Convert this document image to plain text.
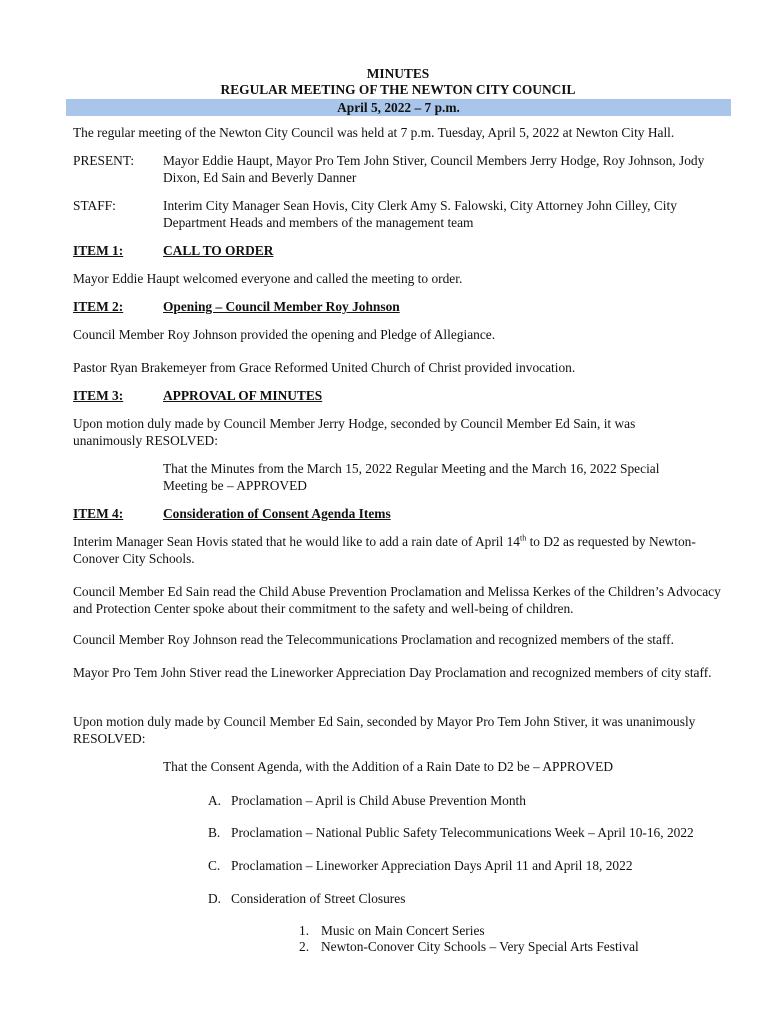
MINUTES
REGULAR MEETING OF THE NEWTON CITY COUNCIL
April 5, 2022 – 7 p.m.
The regular meeting of the Newton City Council was held at 7 p.m. Tuesday, April 5, 2022 at Newton City Hall.
PRESENT: Mayor Eddie Haupt, Mayor Pro Tem John Stiver, Council Members Jerry Hodge, Roy Johnson, Jody Dixon, Ed Sain and Beverly Danner
STAFF:	Interim City Manager Sean Hovis, City Clerk Amy S. Falowski, City Attorney John Cilley, City Department Heads and members of the management team
ITEM 1:	CALL TO ORDER
Mayor Eddie Haupt welcomed everyone and called the meeting to order.
ITEM 2:	Opening – Council Member Roy Johnson
Council Member Roy Johnson provided the opening and Pledge of Allegiance.
Pastor Ryan Brakemeyer from Grace Reformed United Church of Christ provided invocation.
ITEM 3:	APPROVAL OF MINUTES
Upon motion duly made by Council Member Jerry Hodge, seconded by Council Member Ed Sain, it was unanimously RESOLVED:
That the Minutes from the March 15, 2022 Regular Meeting and the March 16, 2022 Special Meeting be – APPROVED
ITEM 4:	Consideration of Consent Agenda Items
Interim Manager Sean Hovis stated that he would like to add a rain date of April 14th to D2 as requested by Newton-Conover City Schools.
Council Member Ed Sain read the Child Abuse Prevention Proclamation and Melissa Kerkes of the Children’s Advocacy and Protection Center spoke about their commitment to the safety and well-being of children.
Council Member Roy Johnson read the Telecommunications Proclamation and recognized members of the staff.
Mayor Pro Tem John Stiver read the Lineworker Appreciation Day Proclamation and recognized members of city staff.
Upon motion duly made by Council Member Ed Sain, seconded by Mayor Pro Tem John Stiver, it was unanimously RESOLVED:
That the Consent Agenda, with the Addition of a Rain Date to D2 be – APPROVED
A. Proclamation – April is Child Abuse Prevention Month
B. Proclamation – National Public Safety Telecommunications Week – April 10-16, 2022
C. Proclamation – Lineworker Appreciation Days April 11 and April 18, 2022
D. Consideration of Street Closures
1. Music on Main Concert Series
2. Newton-Conover City Schools – Very Special Arts Festival
